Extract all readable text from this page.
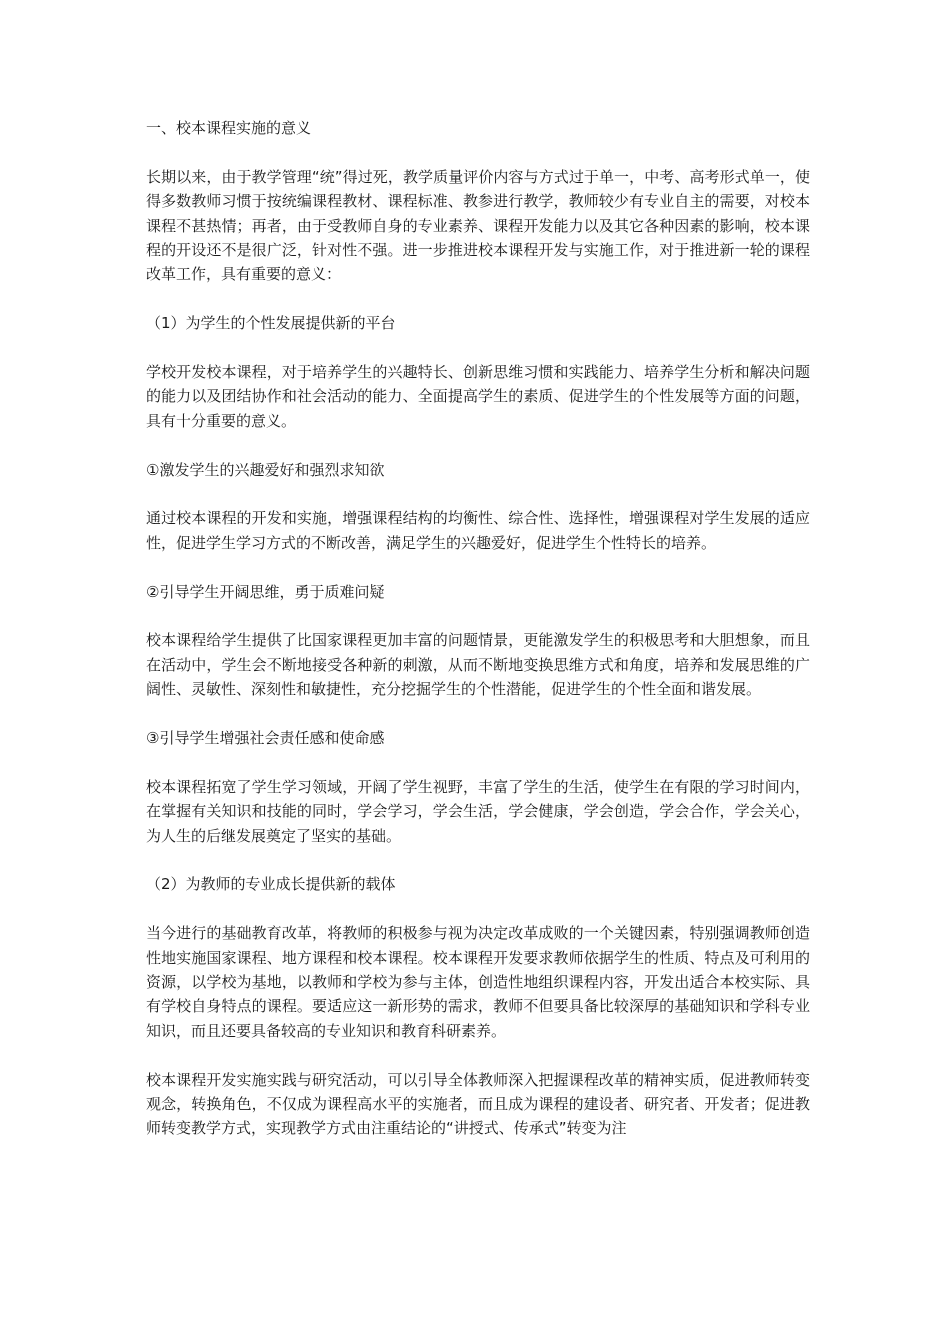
一、校本课程实施的意义

长期以来，由于教学管理“统”得过死，教学质量评价内容与方式过于单一，中考、高考形式单一，使得多数教师习惯于按统编课程教材、课程标准、教参进行教学，教师较少有专业自主的需要，对校本课程不甚热情；再者，由于受教师自身的专业素养、课程开发能力以及其它各种因素的影响，校本课程的开设还不是很广泛，针对性不强。进一步推进校本课程开发与实施工作，对于推进新一轮的课程改革工作，具有重要的意义：

（1）为学生的个性发展提供新的平台

学校开发校本课程，对于培养学生的兴趣特长、创新思维习惯和实践能力、培养学生分析和解决问题的能力以及团结协作和社会活动的能力、全面提高学生的素质、促进学生的个性发展等方面的问题，具有十分重要的意义。

①激发学生的兴趣爱好和强烈求知欲

通过校本课程的开发和实施，增强课程结构的均衡性、综合性、选择性，增强课程对学生发展的适应性，促进学生学习方式的不断改善，满足学生的兴趣爱好，促进学生个性特长的培养。

②引导学生开阔思维，勇于质难问疑

校本课程给学生提供了比国家课程更加丰富的问题情景，更能激发学生的积极思考和大胆想象，而且在活动中，学生会不断地接受各种新的刺激，从而不断地变换思维方式和角度，培养和发展思维的广阔性、灵敏性、深刻性和敏捷性，充分挖掘学生的个性潜能，促进学生的个性全面和谐发展。

③引导学生增强社会责任感和使命感

校本课程拓宽了学生学习领域，开阔了学生视野，丰富了学生的生活，使学生在有限的学习时间内，在掌握有关知识和技能的同时，学会学习，学会生活，学会健康，学会创造，学会合作，学会关心，为人生的后继发展奠定了坚实的基础。

（2）为教师的专业成长提供新的载体

当今进行的基础教育改革，将教师的积极参与视为决定改革成败的一个关键因素，特别强调教师创造性地实施国家课程、地方课程和校本课程。校本课程开发要求教师依据学生的性质、特点及可利用的资源，以学校为基地，以教师和学校为参与主体，创造性地组织课程内容，开发出适合本校实际、具有学校自身特点的课程。要适应这一新形势的需求，教师不但要具备比较深厚的基础知识和学科专业知识，而且还要具备较高的专业知识和教育科研素养。

校本课程开发实施实践与研究活动，可以引导全体教师深入把握课程改革的精神实质，促进教师转变观念，转换角色，不仅成为课程高水平的实施者，而且成为课程的建设者、研究者、开发者；促进教师转变教学方式，实现教学方式由注重结论的“讲授式、传承式”转变为注
